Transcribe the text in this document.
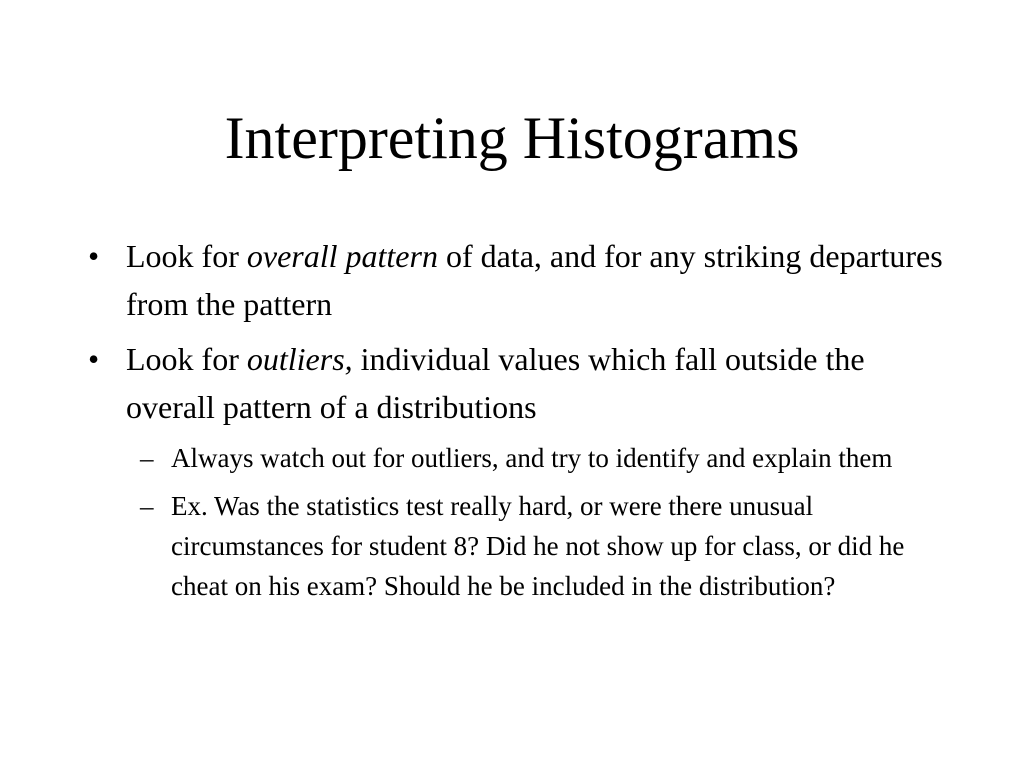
Interpreting Histograms
• Look for overall pattern of data, and for any striking departures from the pattern
• Look for outliers, individual values which fall outside the overall pattern of a distributions
– Always watch out for outliers, and try to identify and explain them
– Ex. Was the statistics test really hard, or were there unusual circumstances for student 8? Did he not show up for class, or did he cheat on his exam? Should he be included in the distribution?
